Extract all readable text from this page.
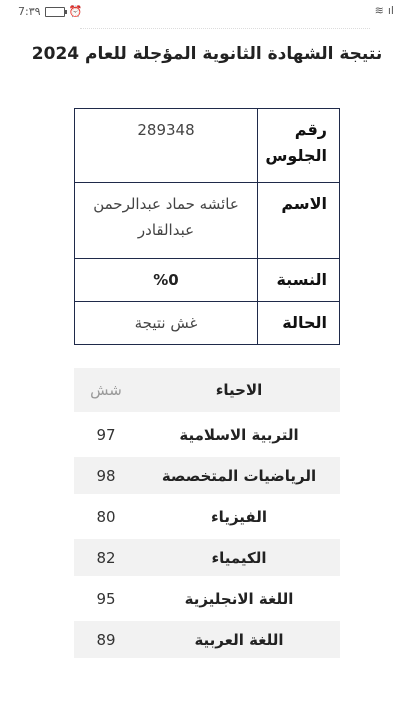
7:٣٩	⏰	≋ ıl
نتيجة الشهادة الثانوية المؤجلة للعام 2024
رقم الجلوس	289348
الاسم	عائشه حماد عبدالرحمن عبدالقادر
النسبة	%0
الحالة	غش نتيجة
الاحياء	شش
التربية الاسلامية	97
الرياضيات المتخصصة	98
الفيزياء	80
الكيمياء	82
اللغة الانجليزية	95
اللغة العربية	89
